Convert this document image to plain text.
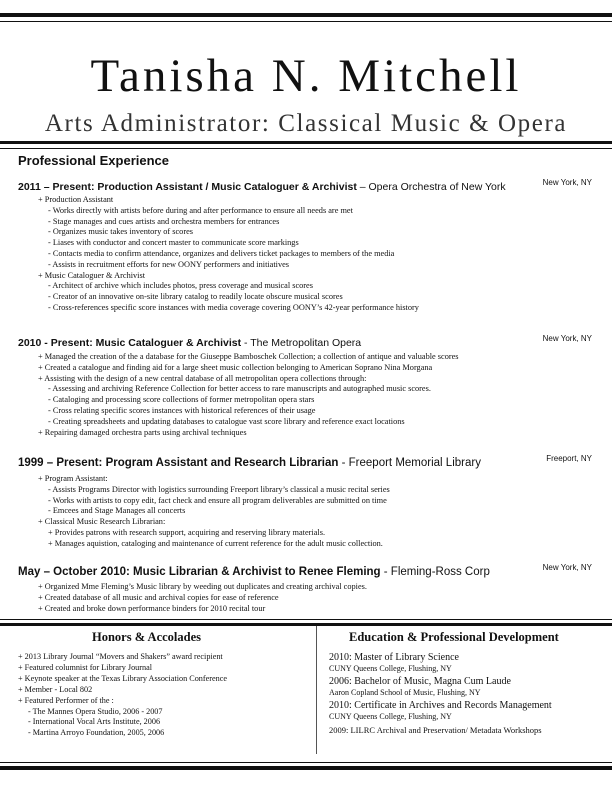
Tanisha N. Mitchell
Arts Administrator: Classical Music & Opera
Professional Experience
2011 – Present: Production Assistant / Music Cataloguer & Archivist – Opera Orchestra of New York	New York, NY
+ Production Assistant
- Works directly with artists before during and after performance to ensure all needs are met
- Stage manages and cues artists and orchestra members for entrances
- Organizes music takes inventory of scores
- Liases with conductor and concert master to communicate score markings
- Contacts media to confirm attendance, organizes and delivers ticket packages to members of the media
- Assists in recruitment efforts for new OONY performers and initiatives
+ Music Cataloguer & Archivist
- Architect of archive which includes photos, press coverage and musical scores
- Creator of an innovative on-site library catalog to readily locate obscure musical scores
- Cross-references specific score instances with media coverage covering OONY’s 42-year performance history
2010 - Present: Music Cataloguer & Archivist - The Metropolitan Opera	New York, NY
+ Managed the creation of the a database for the Giuseppe Bamboschek Collection; a collection of antique and valuable scores
+ Created a catalogue and finding aid for a large sheet music collection belonging to American Soprano Nina Morgana
+ Assisting with the design of a new central database of all metropolitan opera collections through:
- Assessing and archiving Reference Collection for better access to rare manuscripts and autographed music scores.
- Cataloging and processing score collections of former metropolitan opera stars
- Cross relating specific scores instances with historical references of their usage
- Creating spreadsheets and updating databases to catalogue vast score library and reference exact locations
+ Repairing damaged orchestra parts using archival techniques
1999 – Present: Program Assistant and Research Librarian - Freeport Memorial Library	Freeport, NY
+ Program Assistant:
- Assists Programs Director with logistics surrounding Freeport library’s classical a music recital series
- Works with artists to copy edit, fact check and ensure all program deliverables are submitted on time
- Emcees and Stage Manages all concerts
+ Classical Music Research Librarian:
+ Provides patrons with research support, acquiring and reserving library materials.
+ Manages aquistion, cataloging and maintenance of current reference for the adult music collection.
May – October 2010: Music Librarian & Archivist to Renee Fleming - Fleming-Ross Corp	New York, NY
+ Organized Mme Fleming’s Music library by weeding out duplicates and creating archival copies.
+ Created database of all music and archival copies for ease of reference
+ Created and broke down performance binders for 2010 recital tour
Honors & Accolades	Education & Professional Development
+ 2013 Library Journal “Movers and Shakers” award recipient
+ Featured columnist for Library Journal
+ Keynote speaker at the Texas Library Association Conference
+ Member - Local 802
+ Featured Performer of the :
- The Mannes Opera Studio, 2006 - 2007
- International Vocal Arts Institute, 2006
- Martina Arroyo Foundation, 2005, 2006
2010: Master of Library Science
CUNY Queens College, Flushing, NY
2006: Bachelor of Music, Magna Cum Laude
Aaron Copland School of Music, Flushing, NY
2010: Certificate in Archives and Records Management
CUNY Queens College, Flushing, NY
2009: LILRC Archival and Preservation/ Metadata Workshops
